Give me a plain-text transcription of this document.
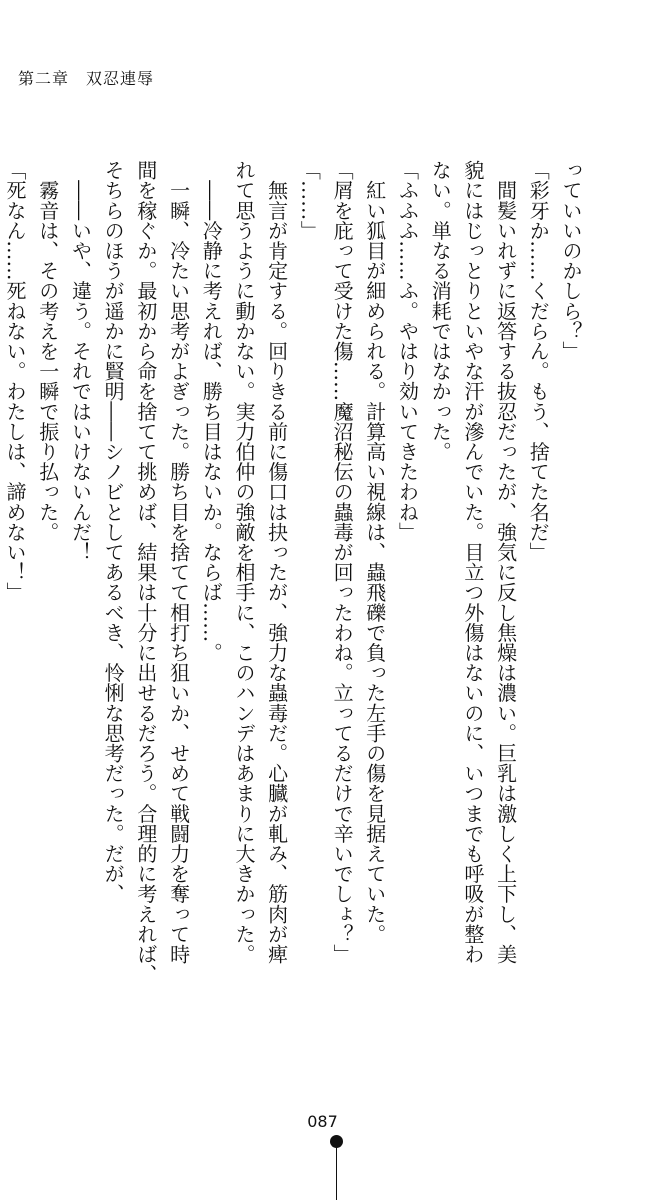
第二章　双忍連辱
っていいのかしら？」
「彩牙か……くだらん。もう、捨てた名だ」
　間髪いれずに返答する抜忍だったが、強気に反し焦燥は濃い。巨乳は激しく上下し、美
貌にはじっとりといやな汗が滲んでいた。目立つ外傷はないのに、いつまでも呼吸が整わ
ない。単なる消耗ではなかった。
「ふふふ……ふ。やはり効いてきたわね」
　紅い狐目が細められる。計算高い視線は、蟲飛礫で負った左手の傷を見据えていた。
「屑を庇って受けた傷……魔沼秘伝の蟲毒が回ったわね。立ってるだけで辛いでしょ？」
「……」
　無言が肯定する。回りきる前に傷口は抉ったが、強力な蟲毒だ。心臓が軋み、筋肉が痺
れて思うように動かない。実力伯仲の強敵を相手に、このハンデはあまりに大きかった。
　――冷静に考えれば、勝ち目はないか。ならば……。
　一瞬、冷たい思考がよぎった。勝ち目を捨てて相打ち狙いか、せめて戦闘力を奪って時
間を稼ぐか。最初から命を捨てて挑めば、結果は十分に出せるだろう。合理的に考えれば、
そちらのほうが遥かに賢明――シノビとしてあるべき、怜悧な思考だった。だが、
　――いや、違う。それではいけないんだ！
　霧音は、その考えを一瞬で振り払った。
「死なん……死ねない。わたしは、諦めない！」
087
